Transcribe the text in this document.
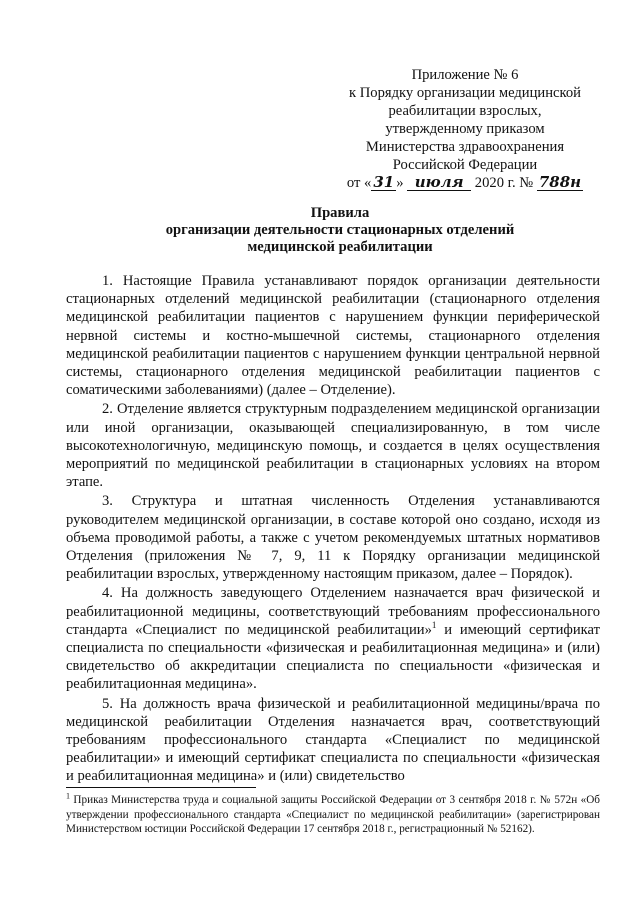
Приложение № 6
к Порядку организации медицинской
реабилитации взрослых,
утвержденному приказом
Министерства здравоохранения
Российской Федерации
от « 31 » июля 2020 г. № 788н
Правила
организации деятельности стационарных отделений
медицинской реабилитации

1. Настоящие Правила устанавливают порядок организации деятельности стационарных отделений медицинской реабилитации (стационарного отделения медицинской реабилитации пациентов с нарушением функции периферической нервной системы и костно-мышечной системы, стационарного отделения медицинской реабилитации пациентов с нарушением функции центральной нервной системы, стационарного отделения медицинской реабилитации пациентов с соматическими заболеваниями) (далее – Отделение).

2. Отделение является структурным подразделением медицинской организации или иной организации, оказывающей специализированную, в том числе высокотехнологичную, медицинскую помощь, и создается в целях осуществления мероприятий по медицинской реабилитации в стационарных условиях на втором этапе.

3. Структура и штатная численность Отделения устанавливаются руководителем медицинской организации, в составе которой оно создано, исходя из объема проводимой работы, а также с учетом рекомендуемых штатных нормативов Отделения (приложения № 7, 9, 11 к Порядку организации медицинской реабилитации взрослых, утвержденному настоящим приказом, далее – Порядок).

4. На должность заведующего Отделением назначается врач физической и реабилитационной медицины, соответствующий требованиям профессионального стандарта «Специалист по медицинской реабилитации»$^1$ и имеющий сертификат специалиста по специальности «физическая и реабилитационная медицина» и (или) свидетельство об аккредитации специалиста по специальности «физическая и реабилитационная медицина».

5. На должность врача физической и реабилитационной медицины/врача по медицинской реабилитации Отделения назначается врач, соответствующий требованиям профессионального стандарта «Специалист по медицинской реабилитации» и имеющий сертификат специалиста по специальности «физическая и реабилитационная медицина» и (или) свидетельство

$^1$ Приказ Министерства труда и социальной защиты Российской Федерации от 3 сентября 2018 г. № 572н «Об утверждении профессионального стандарта «Специалист по медицинской реабилитации» (зарегистрирован Министерством юстиции Российской Федерации 17 сентября 2018 г., регистрационный № 52162).
